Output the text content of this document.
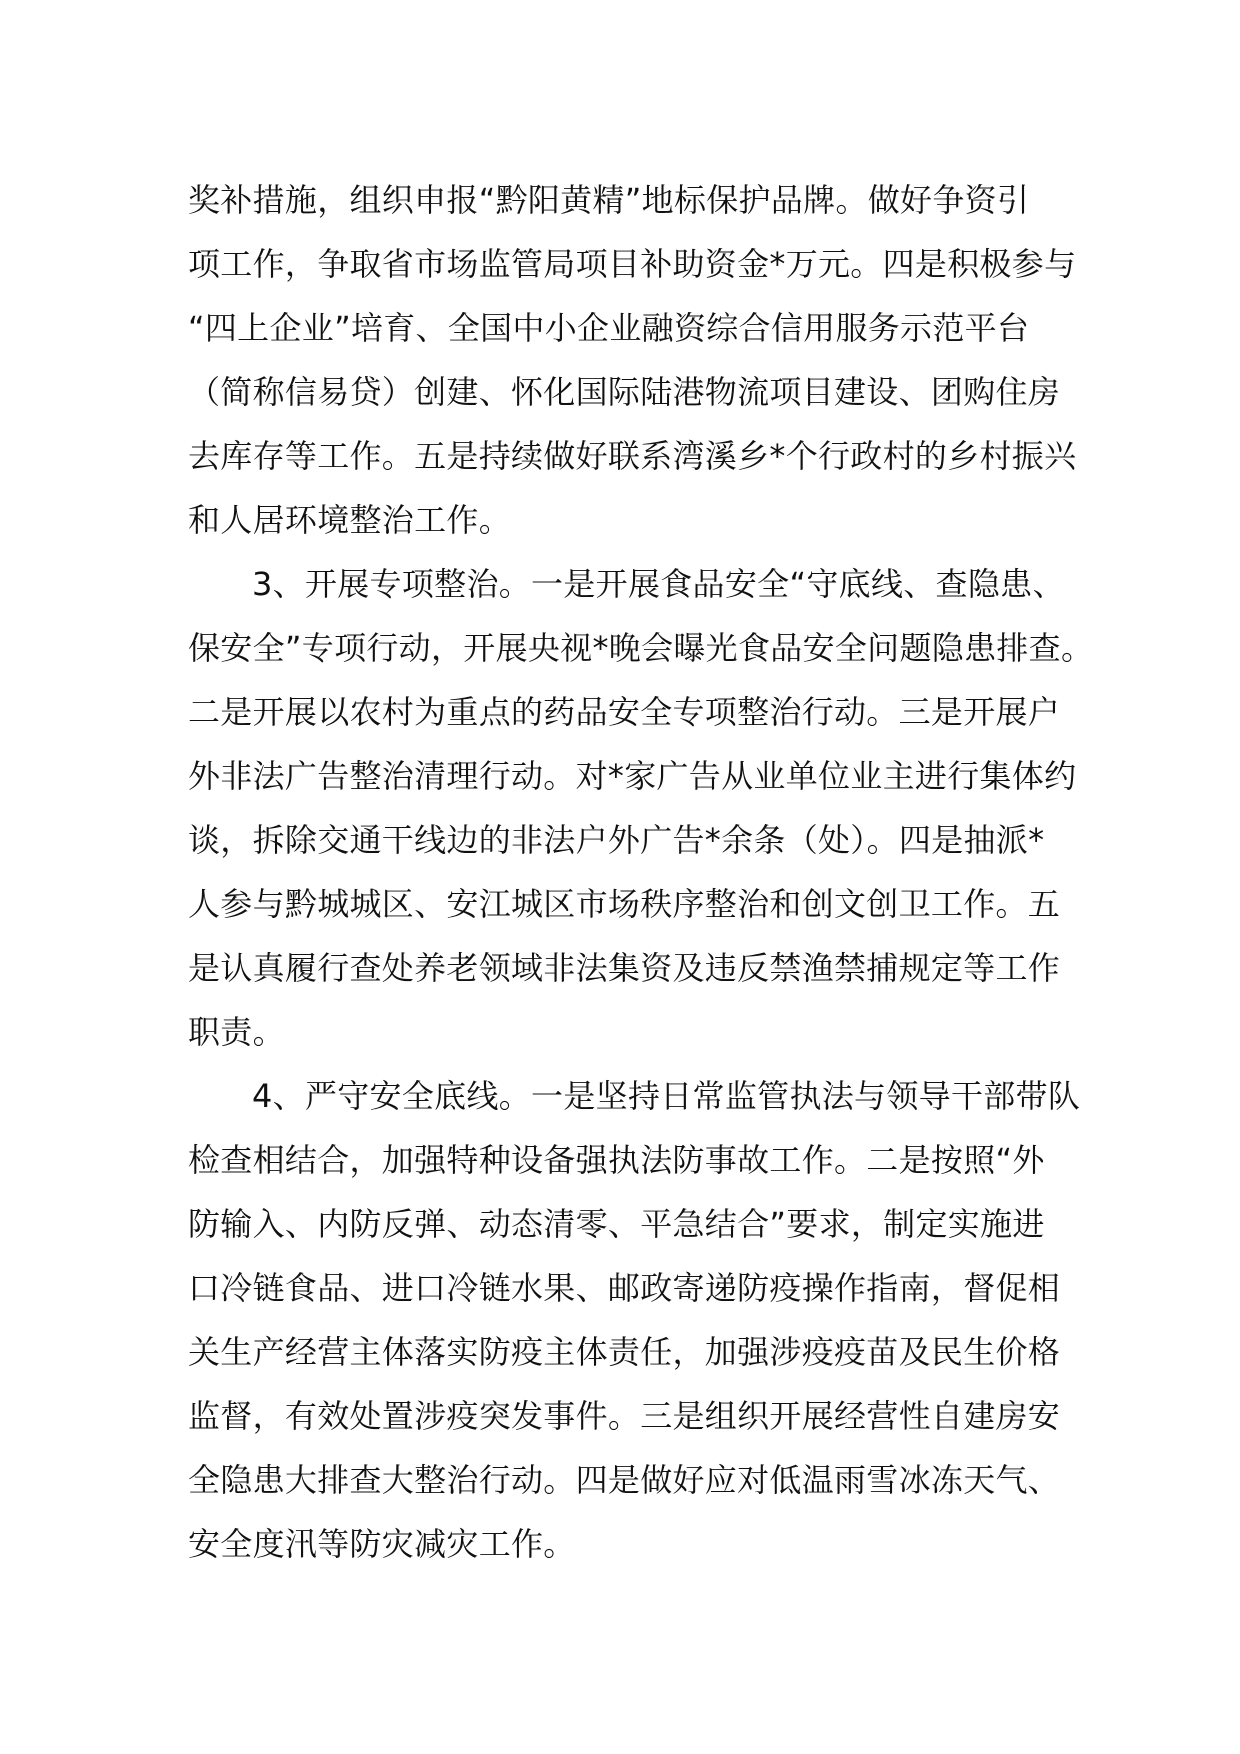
奖补措施，组织申报“黔阳黄精”地标保护品牌。做好争资引
项工作，争取省市场监管局项目补助资金*万元。四是积极参与
“四上企业”培育、全国中小企业融资综合信用服务示范平台
（简称信易贷）创建、怀化国际陆港物流项目建设、团购住房
去库存等工作。五是持续做好联系湾溪乡*个行政村的乡村振兴
和人居环境整治工作。
3、开展专项整治。一是开展食品安全“守底线、查隐患、
保安全”专项行动，开展央视*晚会曝光食品安全问题隐患排查。
二是开展以农村为重点的药品安全专项整治行动。三是开展户
外非法广告整治清理行动。对*家广告从业单位业主进行集体约
谈，拆除交通干线边的非法户外广告*余条（处）。四是抽派*
人参与黔城城区、安江城区市场秩序整治和创文创卫工作。五
是认真履行查处养老领域非法集资及违反禁渔禁捕规定等工作
职责。
4、严守安全底线。一是坚持日常监管执法与领导干部带队
检查相结合，加强特种设备强执法防事故工作。二是按照“外
防输入、内防反弹、动态清零、平急结合”要求，制定实施进
口冷链食品、进口冷链水果、邮政寄递防疫操作指南，督促相
关生产经营主体落实防疫主体责任，加强涉疫疫苗及民生价格
监督，有效处置涉疫突发事件。三是组织开展经营性自建房安
全隐患大排查大整治行动。四是做好应对低温雨雪冰冻天气、
安全度汛等防灾减灾工作。
